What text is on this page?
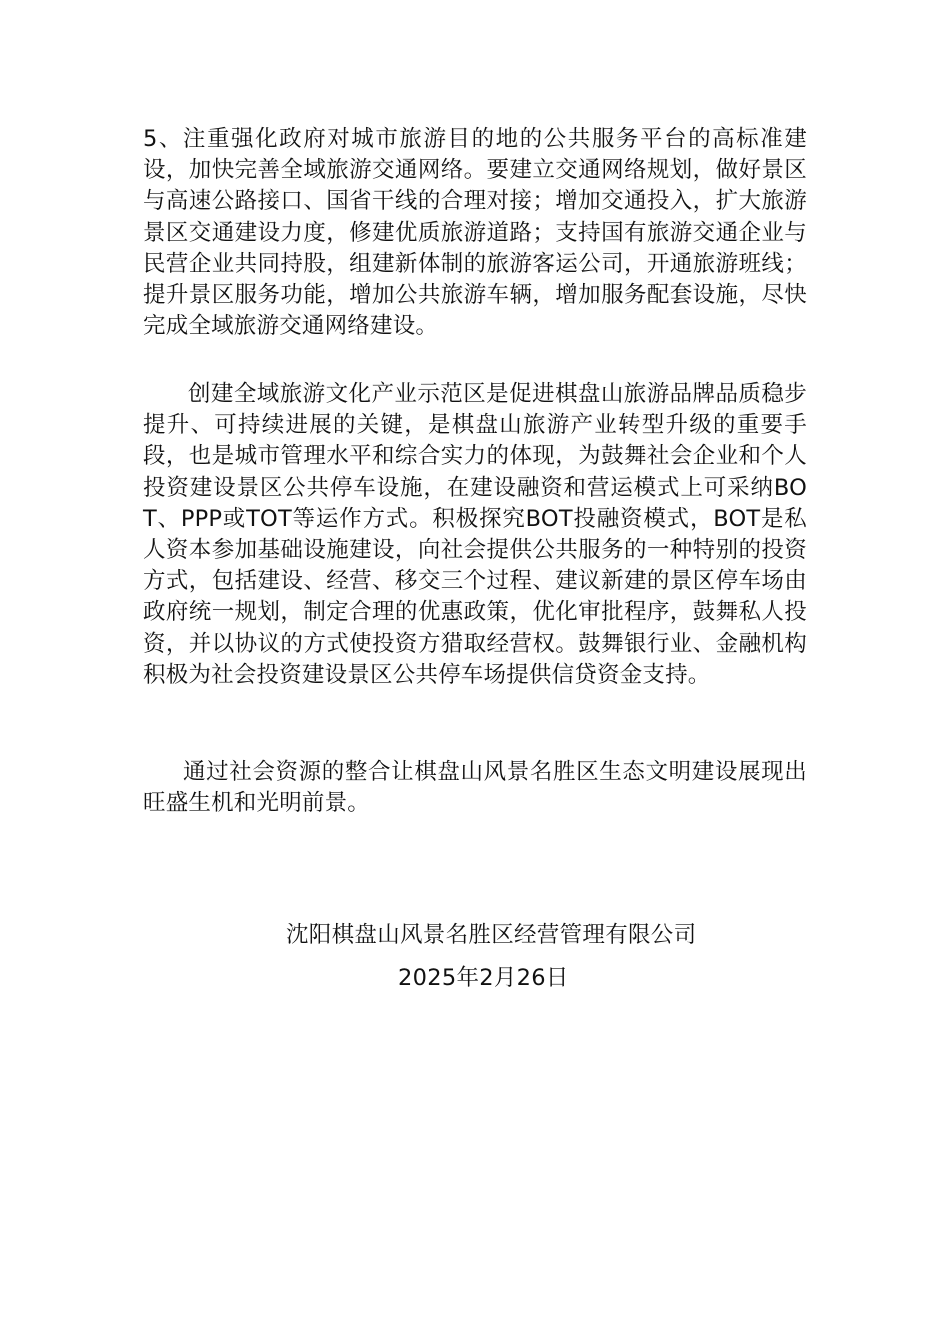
5、注重强化政府对城市旅游目的地的公共服务平台的高标准建设，加快完善全域旅游交通网络。要建立交通网络规划，做好景区与高速公路接口、国省干线的合理对接；增加交通投入，扩大旅游景区交通建设力度，修建优质旅游道路；支持国有旅游交通企业与民营企业共同持股，组建新体制的旅游客运公司，开通旅游班线；提升景区服务功能，增加公共旅游车辆，增加服务配套设施，尽快完成全域旅游交通网络建设。
创建全域旅游文化产业示范区是促进棋盘山旅游品牌品质稳步提升、可持续进展的关键，是棋盘山旅游产业转型升级的重要手段，也是城市管理水平和综合实力的体现，为鼓舞社会企业和个人投资建设景区公共停车设施，在建设融资和营运模式上可采纳BOT、PPP或TOT等运作方式。积极探究BOT投融资模式，BOT是私人资本参加基础设施建设，向社会提供公共服务的一种特别的投资方式，包括建设、经营、移交三个过程、建议新建的景区停车场由政府统一规划，制定合理的优惠政策，优化审批程序，鼓舞私人投资，并以协议的方式使投资方猎取经营权。鼓舞银行业、金融机构积极为社会投资建设景区公共停车场提供信贷资金支持。
通过社会资源的整合让棋盘山风景名胜区生态文明建设展现出旺盛生机和光明前景。
沈阳棋盘山风景名胜区经营管理有限公司
2025年2月26日
